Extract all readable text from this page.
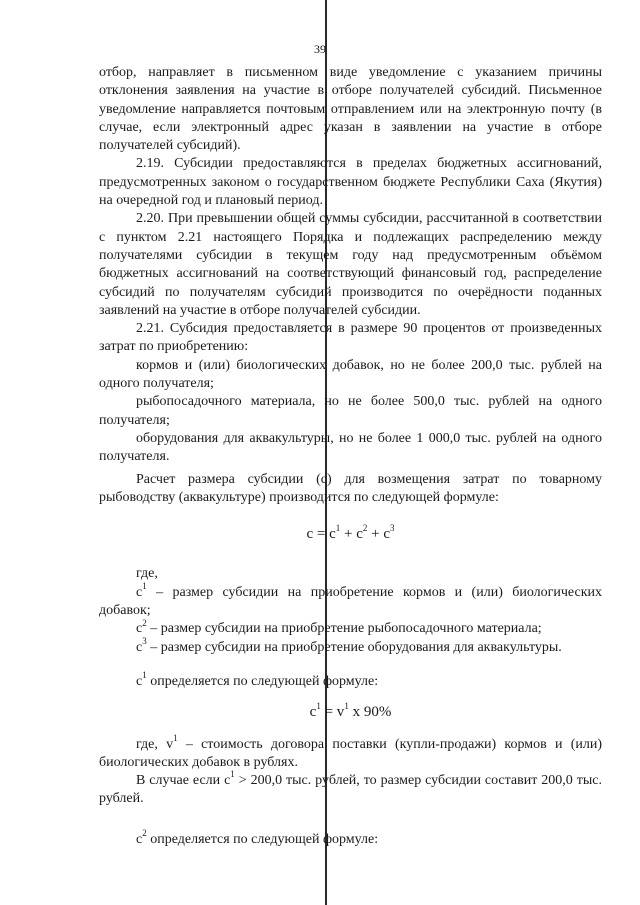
39

отбор, направляет в письменном виде уведомление с указанием причины отклонения заявления на участие в отборе получателей субсидий. Письменное уведомление направляется почтовым отправлением или на электронную почту (в случае, если электронный адрес указан в заявлении на участие в отборе получателей субсидий).

2.19. Субсидии предоставляются в пределах бюджетных ассигнований, предусмотренных законом о государственном бюджете Республики Саха (Якутия) на очередной год и плановый период.

2.20. При превышении общей суммы субсидии, рассчитанной в соответствии с пунктом 2.21 настоящего Порядка и подлежащих распределению между получателями субсидии в текущем году над предусмотренным объёмом бюджетных ассигнований на соответствующий финансовый год, распределение субсидий по получателям субсидий производится по очерёдности поданных заявлений на участие в отборе получателей субсидии.

2.21. Субсидия предоставляется в размере 90 процентов от произведенных затрат по приобретению:

кормов и (или) биологических добавок, но не более 200,0 тыс. рублей на одного получателя;

рыбопосадочного материала, но не более 500,0 тыс. рублей на одного получателя;

оборудования для аквакультуры, но не более 1 000,0 тыс. рублей на одного получателя.

Расчет размера субсидии (с) для возмещения затрат по товарному рыбоводству (аквакультуре) производится по следующей формуле:

$с = с^1 + с^2 + с^3$

где,

$с^1$ – размер субсидии на приобретение кормов и (или) биологических добавок;

$с^2$ – размер субсидии на приобретение рыбопосадочного материала;

$с^3$ – размер субсидии на приобретение оборудования для аквакультуры.

$с^1$ определяется по следующей формуле:

$с^1 = v^1$ х 90%

где, $v^1$ – стоимость договора поставки (купли-продажи) кормов и (или) биологических добавок в рублях.

В случае если $с^1 > 200,0$ тыс. рублей, то размер субсидии составит 200,0 тыс. рублей.

$с^2$ определяется по следующей формуле:
